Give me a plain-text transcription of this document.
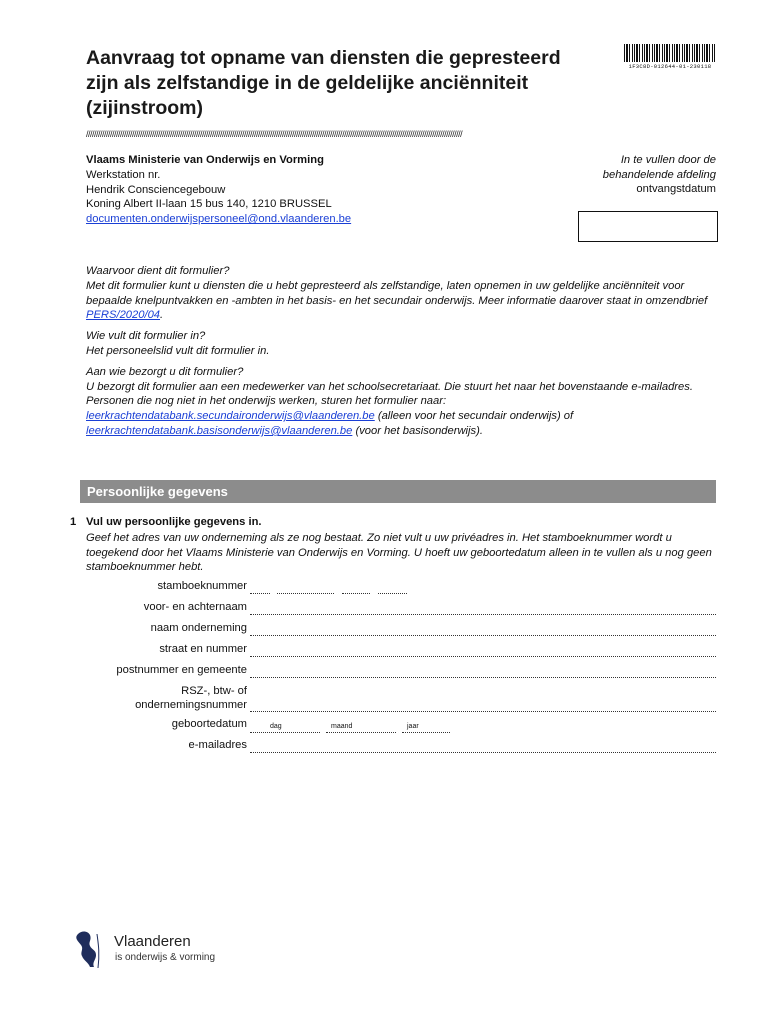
Aanvraag tot opname van diensten die gepresteerd zijn als zelfstandige in de geldelijke anciënniteit (zijinstroom)
1F3C8D-012644-01-230118
////////////////////////////////////////////////////////////////////////////////////////////////////////////////////////////////////////////////////////////////////////////////////////////
Vlaams Ministerie van Onderwijs en Vorming
Werkstation nr.
Hendrik Consciencegebouw
Koning Albert II-laan 15 bus 140, 1210 BRUSSEL
documenten.onderwijspersoneel@ond.vlaanderen.be
In te vullen door de
behandelende afdeling
ontvangstdatum

Waarvoor dient dit formulier?
Met dit formulier kunt u diensten die u hebt gepresteerd als zelfstandige, laten opnemen in uw geldelijke anciënniteit voor bepaalde knelpuntvakken en -ambten in het basis- en het secundair onderwijs. Meer informatie daarover staat in omzendbrief PERS/2020/04.

Wie vult dit formulier in?
Het personeelslid vult dit formulier in.

Aan wie bezorgt u dit formulier?
U bezorgt dit formulier aan een medewerker van het schoolsecretariaat. Die stuurt het naar het bovenstaande e-mailadres.
Personen die nog niet in het onderwijs werken, sturen het formulier naar:
leerkrachtendatabank.secundaironderwijs@vlaanderen.be (alleen voor het secundair onderwijs) of
leerkrachtendatabank.basisonderwijs@vlaanderen.be (voor het basisonderwijs).

Persoonlijke gegevens
1 Vul uw persoonlijke gegevens in.
Geef het adres van uw onderneming als ze nog bestaat. Zo niet vult u uw privéadres in. Het stamboeknummer wordt u toegekend door het Vlaams Ministerie van Onderwijs en Vorming. U hoeft uw geboortedatum alleen in te vullen als u nog geen stamboeknummer hebt.
stamboeknummer
voor- en achternaam
naam onderneming
straat en nummer
postnummer en gemeente
RSZ-, btw- of
ondernemingsnummer
geboortedatum	dag	maand	jaar
e-mailadres
Vlaanderen
is onderwijs & vorming
